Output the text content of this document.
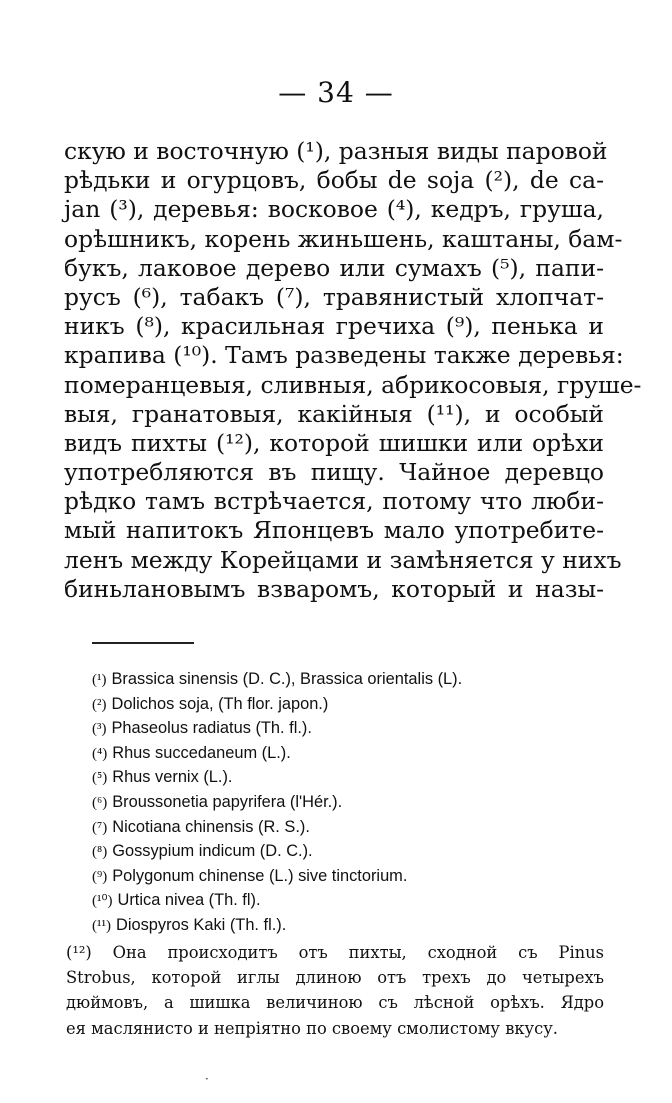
— 34 —
скую и восточную (¹), разныя виды паровой
рѣдьки и огурцовъ, бобы de soja (²), de ca-
jan (³), деревья: восковое (⁴), кедръ, груша,
орѣшникъ, корень жиньшень, каштаны, бам-
букъ, лаковое дерево или сумахъ (⁵), папи-
русъ (⁶), табакъ (⁷), травянистый хлопчат-
никъ (⁸), красильная гречиха (⁹), пенька и
крапива (¹⁰). Тамъ разведены также деревья:
померанцевыя, сливныя, абрикосовыя, груше-
выя, гранатовыя, какійныя (¹¹), и особый
видъ пихты (¹²), которой шишки или орѣхи
употребляются въ пищу. Чайное деревцо
рѣдко тамъ встрѣчается, потому что люби-
мый напитокъ Японцевъ мало употребите-
ленъ между Корейцами и замѣняется у нихъ
биньлановымъ взваромъ, который и назы-
(¹) Brassica sinensis (D. C.), Brassica orientalis (L).
(²) Dolichos soja, (Th flor. japon.)
(³) Phaseolus radiatus (Th. fl.).
(⁴) Rhus succedaneum (L.).
(⁵) Rhus vernix (L.).
(⁶) Broussonetia papyrifera (l'Hér.).
(⁷) Nicotiana chinensis (R. S.).
(⁸) Gossypium indicum (D. C.).
(⁹) Polygonum chinense (L.) sive tinctorium.
(¹⁰) Urtica nivea (Th. fl).
(¹¹) Diospyros Kaki (Th. fl.).
(¹²) Она происходитъ отъ пихты, сходной съ Pinus
Strobus, которой иглы длиною отъ трехъ до четырехъ
дюймовъ, а шишка величиною съ лѣсной орѣхъ. Ядро
ея маслянисто и непріятно по своему смолистому вкусу.
·
